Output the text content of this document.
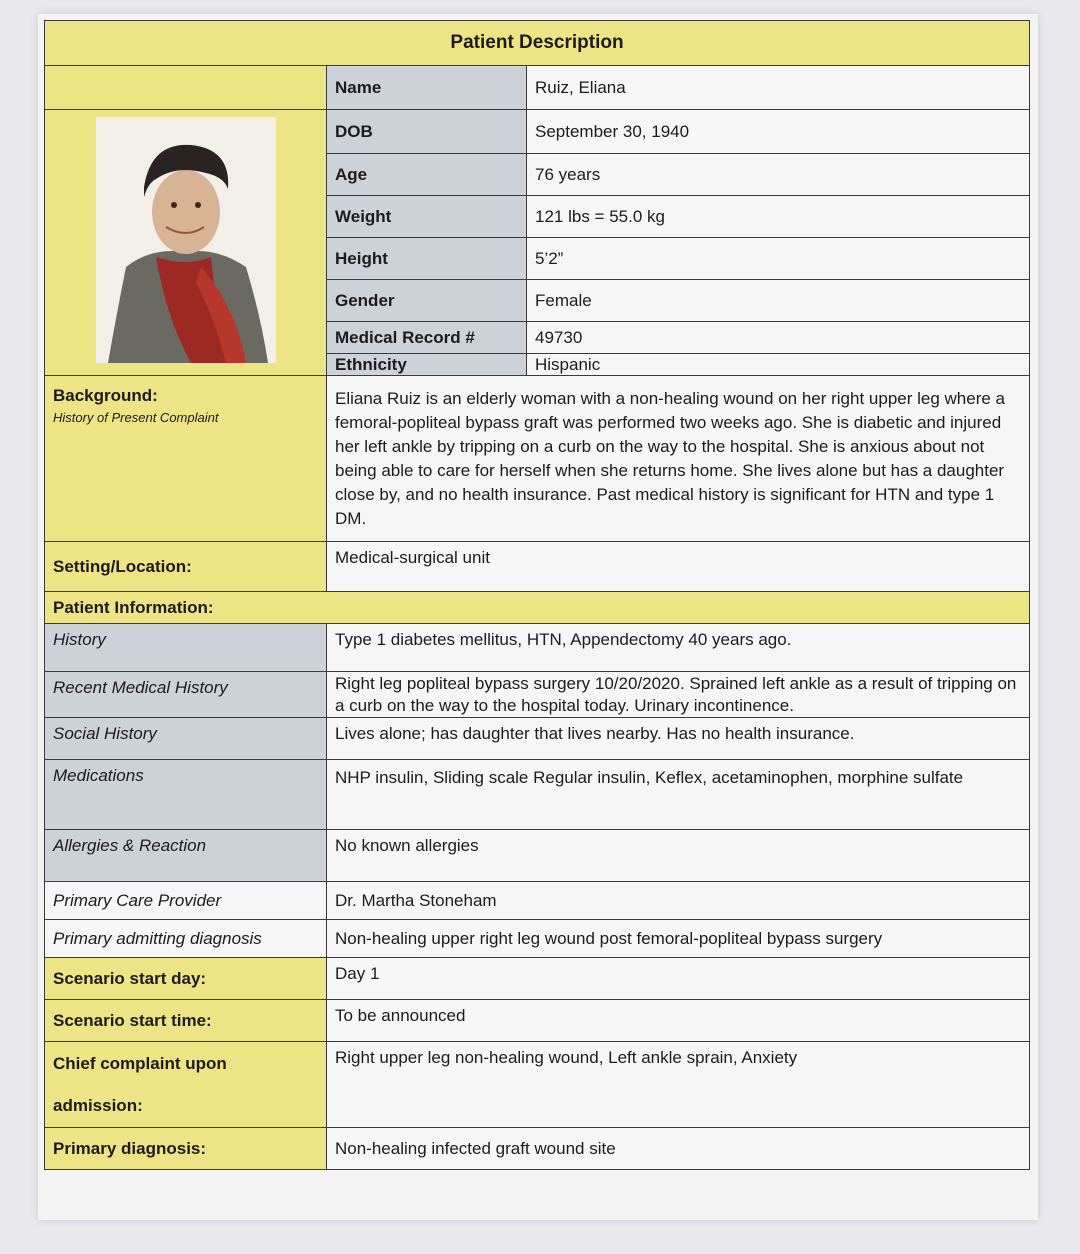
Patient Description		
	Name	Ruiz, Eliana
	DOB	September 30, 1940
	Age	76 years
	Weight	121 lbs = 55.0 kg
	Height	5’2”
	Gender	Female
	Medical Record #	49730
	Ethnicity	Hispanic

Background:
History of Present Complaint	Eliana Ruiz is an elderly woman with a non-healing wound on her right upper leg where a femoral-popliteal bypass graft was performed two weeks ago. She is diabetic and injured her left ankle by tripping on a curb on the way to the hospital. She is anxious about not being able to care for herself when she returns home. She lives alone but has a daughter close by, and no health insurance. Past medical history is significant for HTN and type 1 DM.	
Setting/Location:	Medical-surgical unit	
Patient Information:		
History	Type 1 diabetes mellitus, HTN, Appendectomy 40 years ago.	
Recent Medical History	Right leg popliteal bypass surgery 10/20/2020. Sprained left ankle as a result of tripping on a curb on the way to the hospital today. Urinary incontinence.	
Social History	Lives alone; has daughter that lives nearby. Has no health insurance.	
Medications	NHP insulin, Sliding scale Regular insulin, Keflex, acetaminophen, morphine sulfate	
Allergies & Reaction	No known allergies	
Primary Care Provider	Dr. Martha Stoneham	
Primary admitting diagnosis	Non-healing upper right leg wound post femoral-popliteal bypass surgery	
Scenario start day:	Day 1	
Scenario start time:	To be announced	

Chief complaint upon
admission:	Right upper leg non-healing wound, Left ankle sprain, Anxiety	
Primary diagnosis:	Non-healing infected graft wound site	
